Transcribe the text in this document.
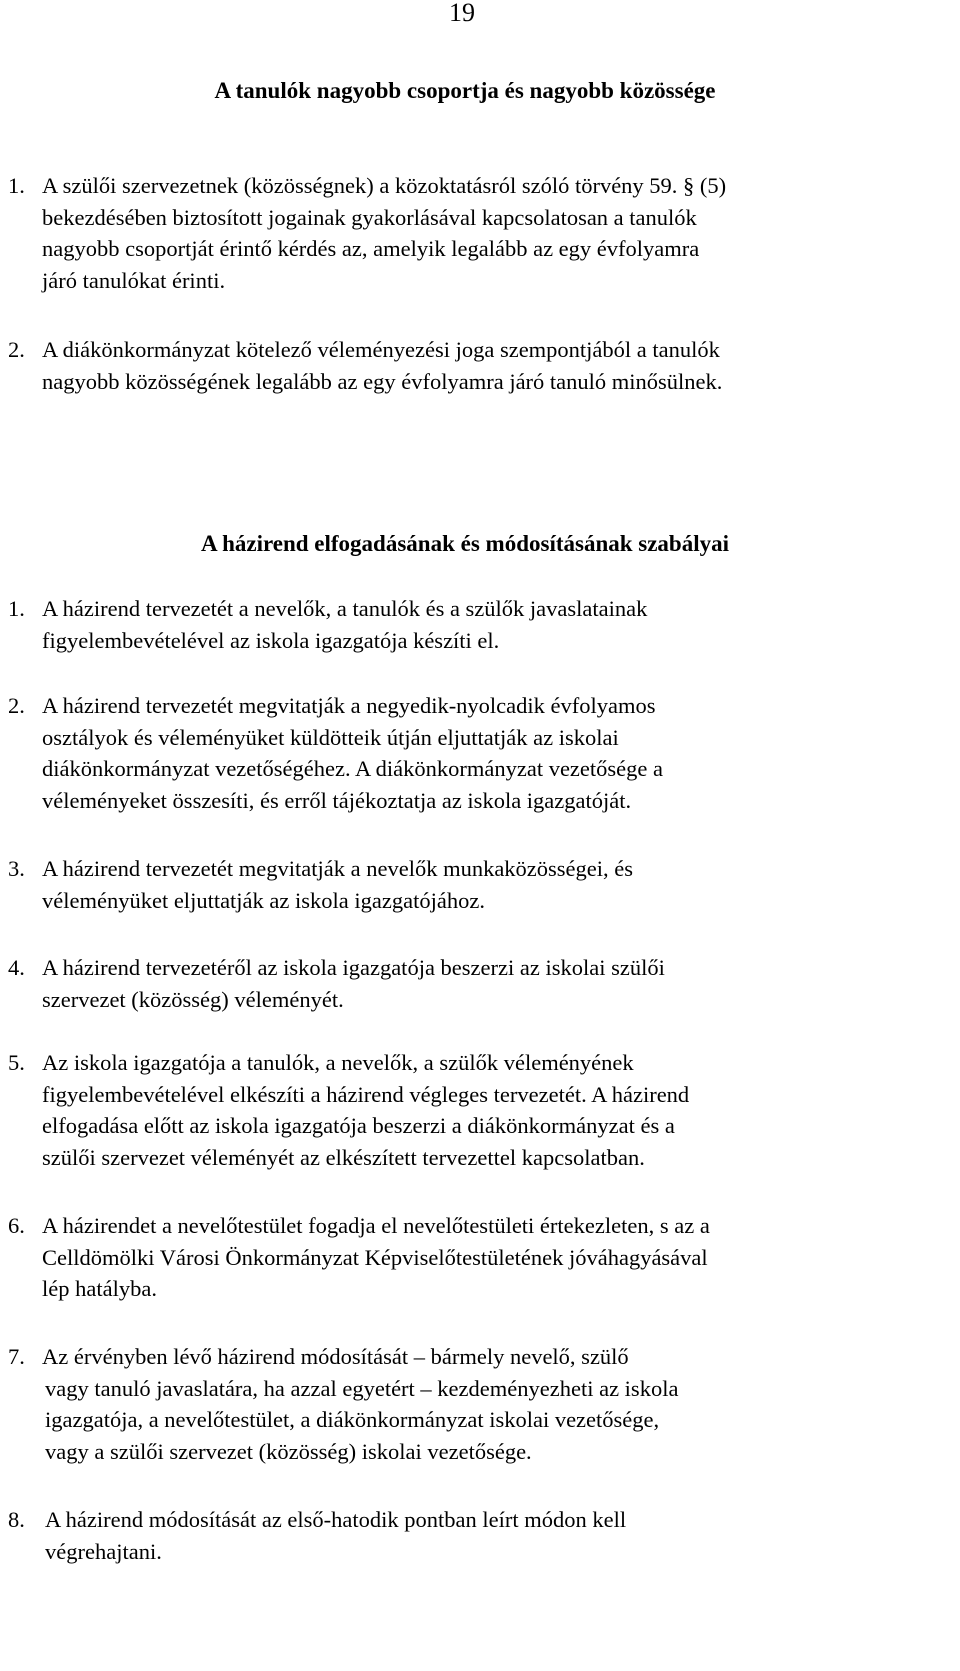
19
A tanulók nagyobb csoportja és nagyobb közössége
1. A szülői szervezetnek (közösségnek) a közoktatásról szóló törvény 59. § (5)
bekezdésében biztosított jogainak gyakorlásával kapcsolatosan a tanulók
nagyobb csoportját érintő kérdés az, amelyik legalább az egy évfolyamra
járó tanulókat érinti.
2. A diákönkormányzat kötelező véleményezési joga szempontjából a tanulók
nagyobb közösségének legalább az egy évfolyamra járó tanuló minősülnek.
A házirend elfogadásának és módosításának szabályai
1. A házirend tervezetét a nevelők, a tanulók és a szülők javaslatainak
figyelembevételével az iskola igazgatója készíti el.
2. A házirend tervezetét megvitatják a negyedik-nyolcadik évfolyamos
osztályok és véleményüket küldötteik útján eljuttatják az iskolai
diákönkormányzat vezetőségéhez. A diákönkormányzat vezetősége a
véleményeket összesíti, és erről tájékoztatja az iskola igazgatóját.
3. A házirend tervezetét megvitatják a nevelők munkaközösségei, és
véleményüket eljuttatják az iskola igazgatójához.
4. A házirend tervezetéről az iskola igazgatója beszerzi az iskolai szülői
szervezet (közösség) véleményét.
5. Az iskola igazgatója a tanulók, a nevelők, a szülők véleményének
figyelembevételével elkészíti a házirend végleges tervezetét. A házirend
elfogadása előtt az iskola igazgatója beszerzi a diákönkormányzat és a
szülői szervezet véleményét az elkészített tervezettel kapcsolatban.
6. A házirendet a nevelőtestület fogadja el nevelőtestületi értekezleten, s az a
Celldömölki Városi Önkormányzat Képviselőtestületének jóváhagyásával
lép hatályba.
7. Az érvényben lévő házirend módosítását – bármely nevelő, szülő
vagy tanuló javaslatára, ha azzal egyetért – kezdeményezheti az iskola
igazgatója, a nevelőtestület, a diákönkormányzat iskolai vezetősége,
vagy a szülői szervezet (közösség) iskolai vezetősége.
8. A házirend módosítását az első-hatodik pontban leírt módon kell
végrehajtani.
